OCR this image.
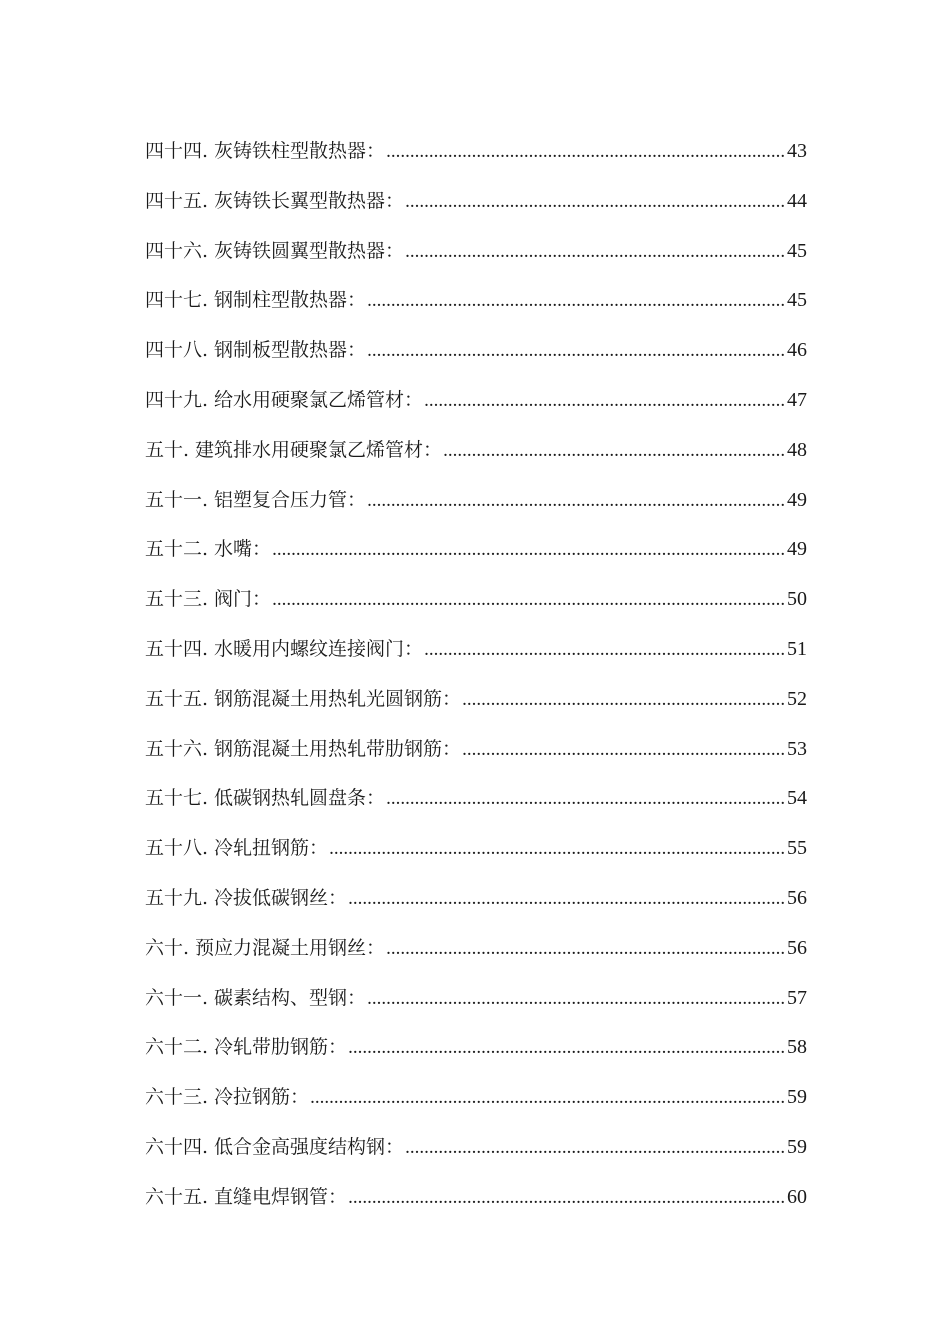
四十四. 灰铸铁柱型散热器： .....	43
四十五. 灰铸铁长翼型散热器： .....	44
四十六. 灰铸铁圆翼型散热器： .....	45
四十七. 钢制柱型散热器： .....	45
四十八. 钢制板型散热器： .....	46
四十九. 给水用硬聚氯乙烯管材： .....	47
五十. 建筑排水用硬聚氯乙烯管材： .....	48
五十一. 铝塑复合压力管： .....	49
五十二. 水嘴： .....	49
五十三. 阀门： .....	50
五十四. 水暖用内螺纹连接阀门： .....	51
五十五. 钢筋混凝土用热轧光圆钢筋： .....	52
五十六. 钢筋混凝土用热轧带肋钢筋： .....	53
五十七. 低碳钢热轧圆盘条： .....	54
五十八. 冷轧扭钢筋： .....	55
五十九. 冷拔低碳钢丝： .....	56
六十. 预应力混凝土用钢丝： .....	56
六十一. 碳素结构、型钢： .....	57
六十二. 冷轧带肋钢筋： .....	58
六十三. 冷拉钢筋： .....	59
六十四. 低合金高强度结构钢： .....	59
六十五. 直缝电焊钢管： .....	60
